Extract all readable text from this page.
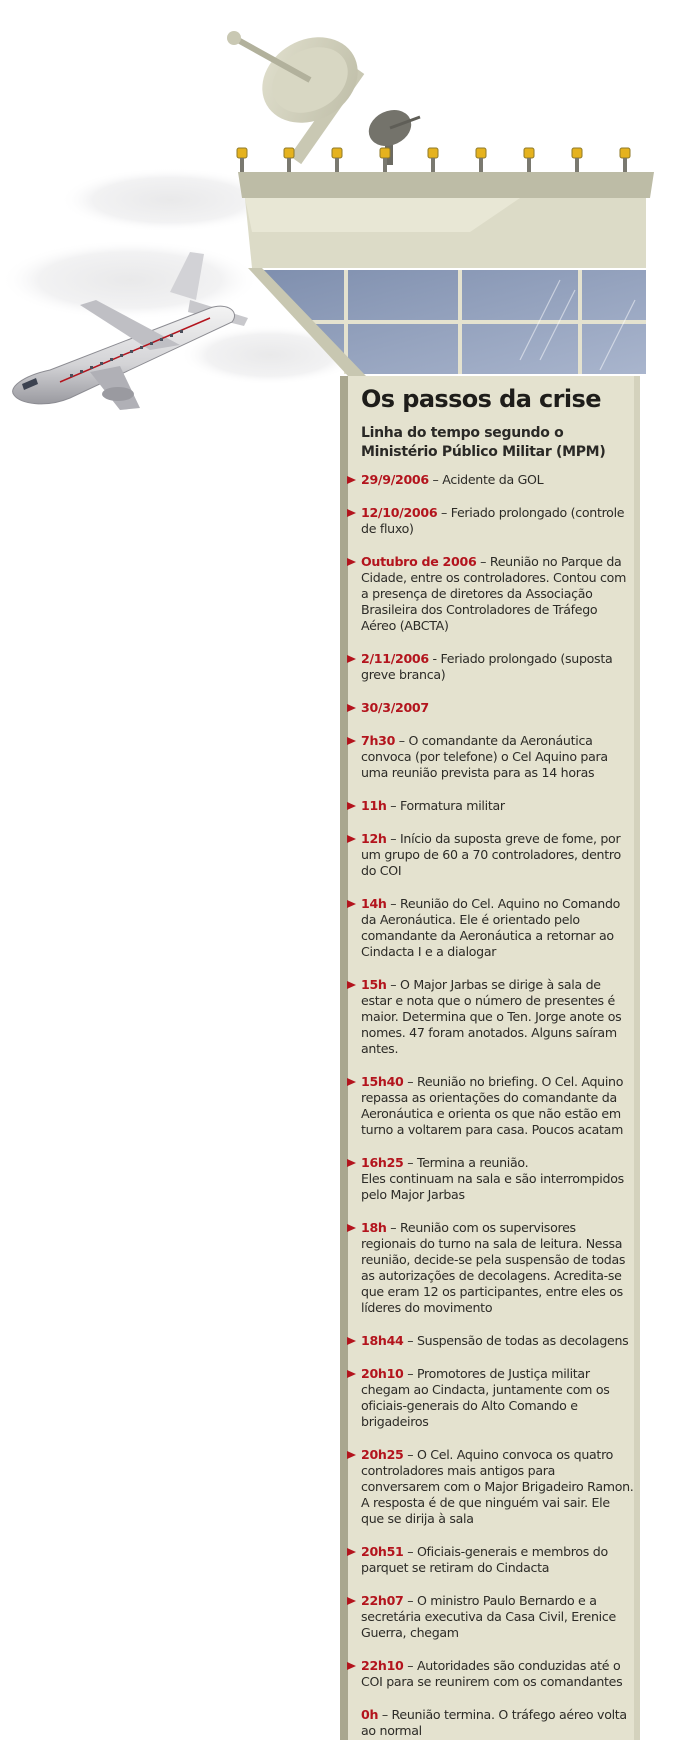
Os passos da crise

Linha do tempo segundo o Ministério Público Militar (MPM)

29/9/2006 – Acidente da GOL
12/10/2006 – Feriado prolongado (controle de fluxo)
Outubro de 2006 – Reunião no Parque da Cidade, entre os controladores. Contou com a presença de diretores da Associação Brasileira dos Controladores de Tráfego Aéreo (ABCTA)
2/11/2006 - Feriado prolongado (suposta greve branca)
30/3/2007
7h30 – O comandante da Aeronáutica convoca (por telefone) o Cel Aquino para uma reunião prevista para as 14 horas
11h – Formatura militar
12h – Início da suposta greve de fome, por um grupo de 60 a 70 controladores, dentro do COI
14h – Reunião do Cel. Aquino no Comando da Aeronáutica. Ele é orientado pelo comandante da Aeronáutica a retornar ao Cindacta I e a dialogar
15h – O Major Jarbas se dirige à sala de estar e nota que o número de presentes é maior. Determina que o Ten. Jorge anote os nomes. 47 foram anotados. Alguns saíram antes.
15h40 – Reunião no briefing. O Cel. Aquino repassa as orientações do comandante da Aeronáutica e orienta os que não estão em turno a voltarem para casa. Poucos acatam
16h25 – Termina a reunião.
Eles continuam na sala e são interrompidos pelo Major Jarbas
18h – Reunião com os supervisores regionais do turno na sala de leitura. Nessa reunião, decide-se pela suspensão de todas as autorizações de decolagens. Acredita-se que eram 12 os participantes, entre eles os líderes do movimento
18h44 – Suspensão de todas as decolagens
20h10 – Promotores de Justiça militar chegam ao Cindacta, juntamente com os oficiais-generais do Alto Comando e brigadeiros
20h25 – O Cel. Aquino convoca os quatro controladores mais antigos para conversarem com o Major Brigadeiro Ramon. A resposta é de que ninguém vai sair. Ele que se dirija à sala
20h51 – Oficiais-generais e membros do parquet se retiram do Cindacta
22h07 – O ministro Paulo Bernardo e a secretária executiva da Casa Civil, Erenice Guerra, chegam
22h10 – Autoridades são conduzidas até o COI para se reunirem com os comandantes
0h – Reunião termina. O tráfego aéreo volta ao normal
